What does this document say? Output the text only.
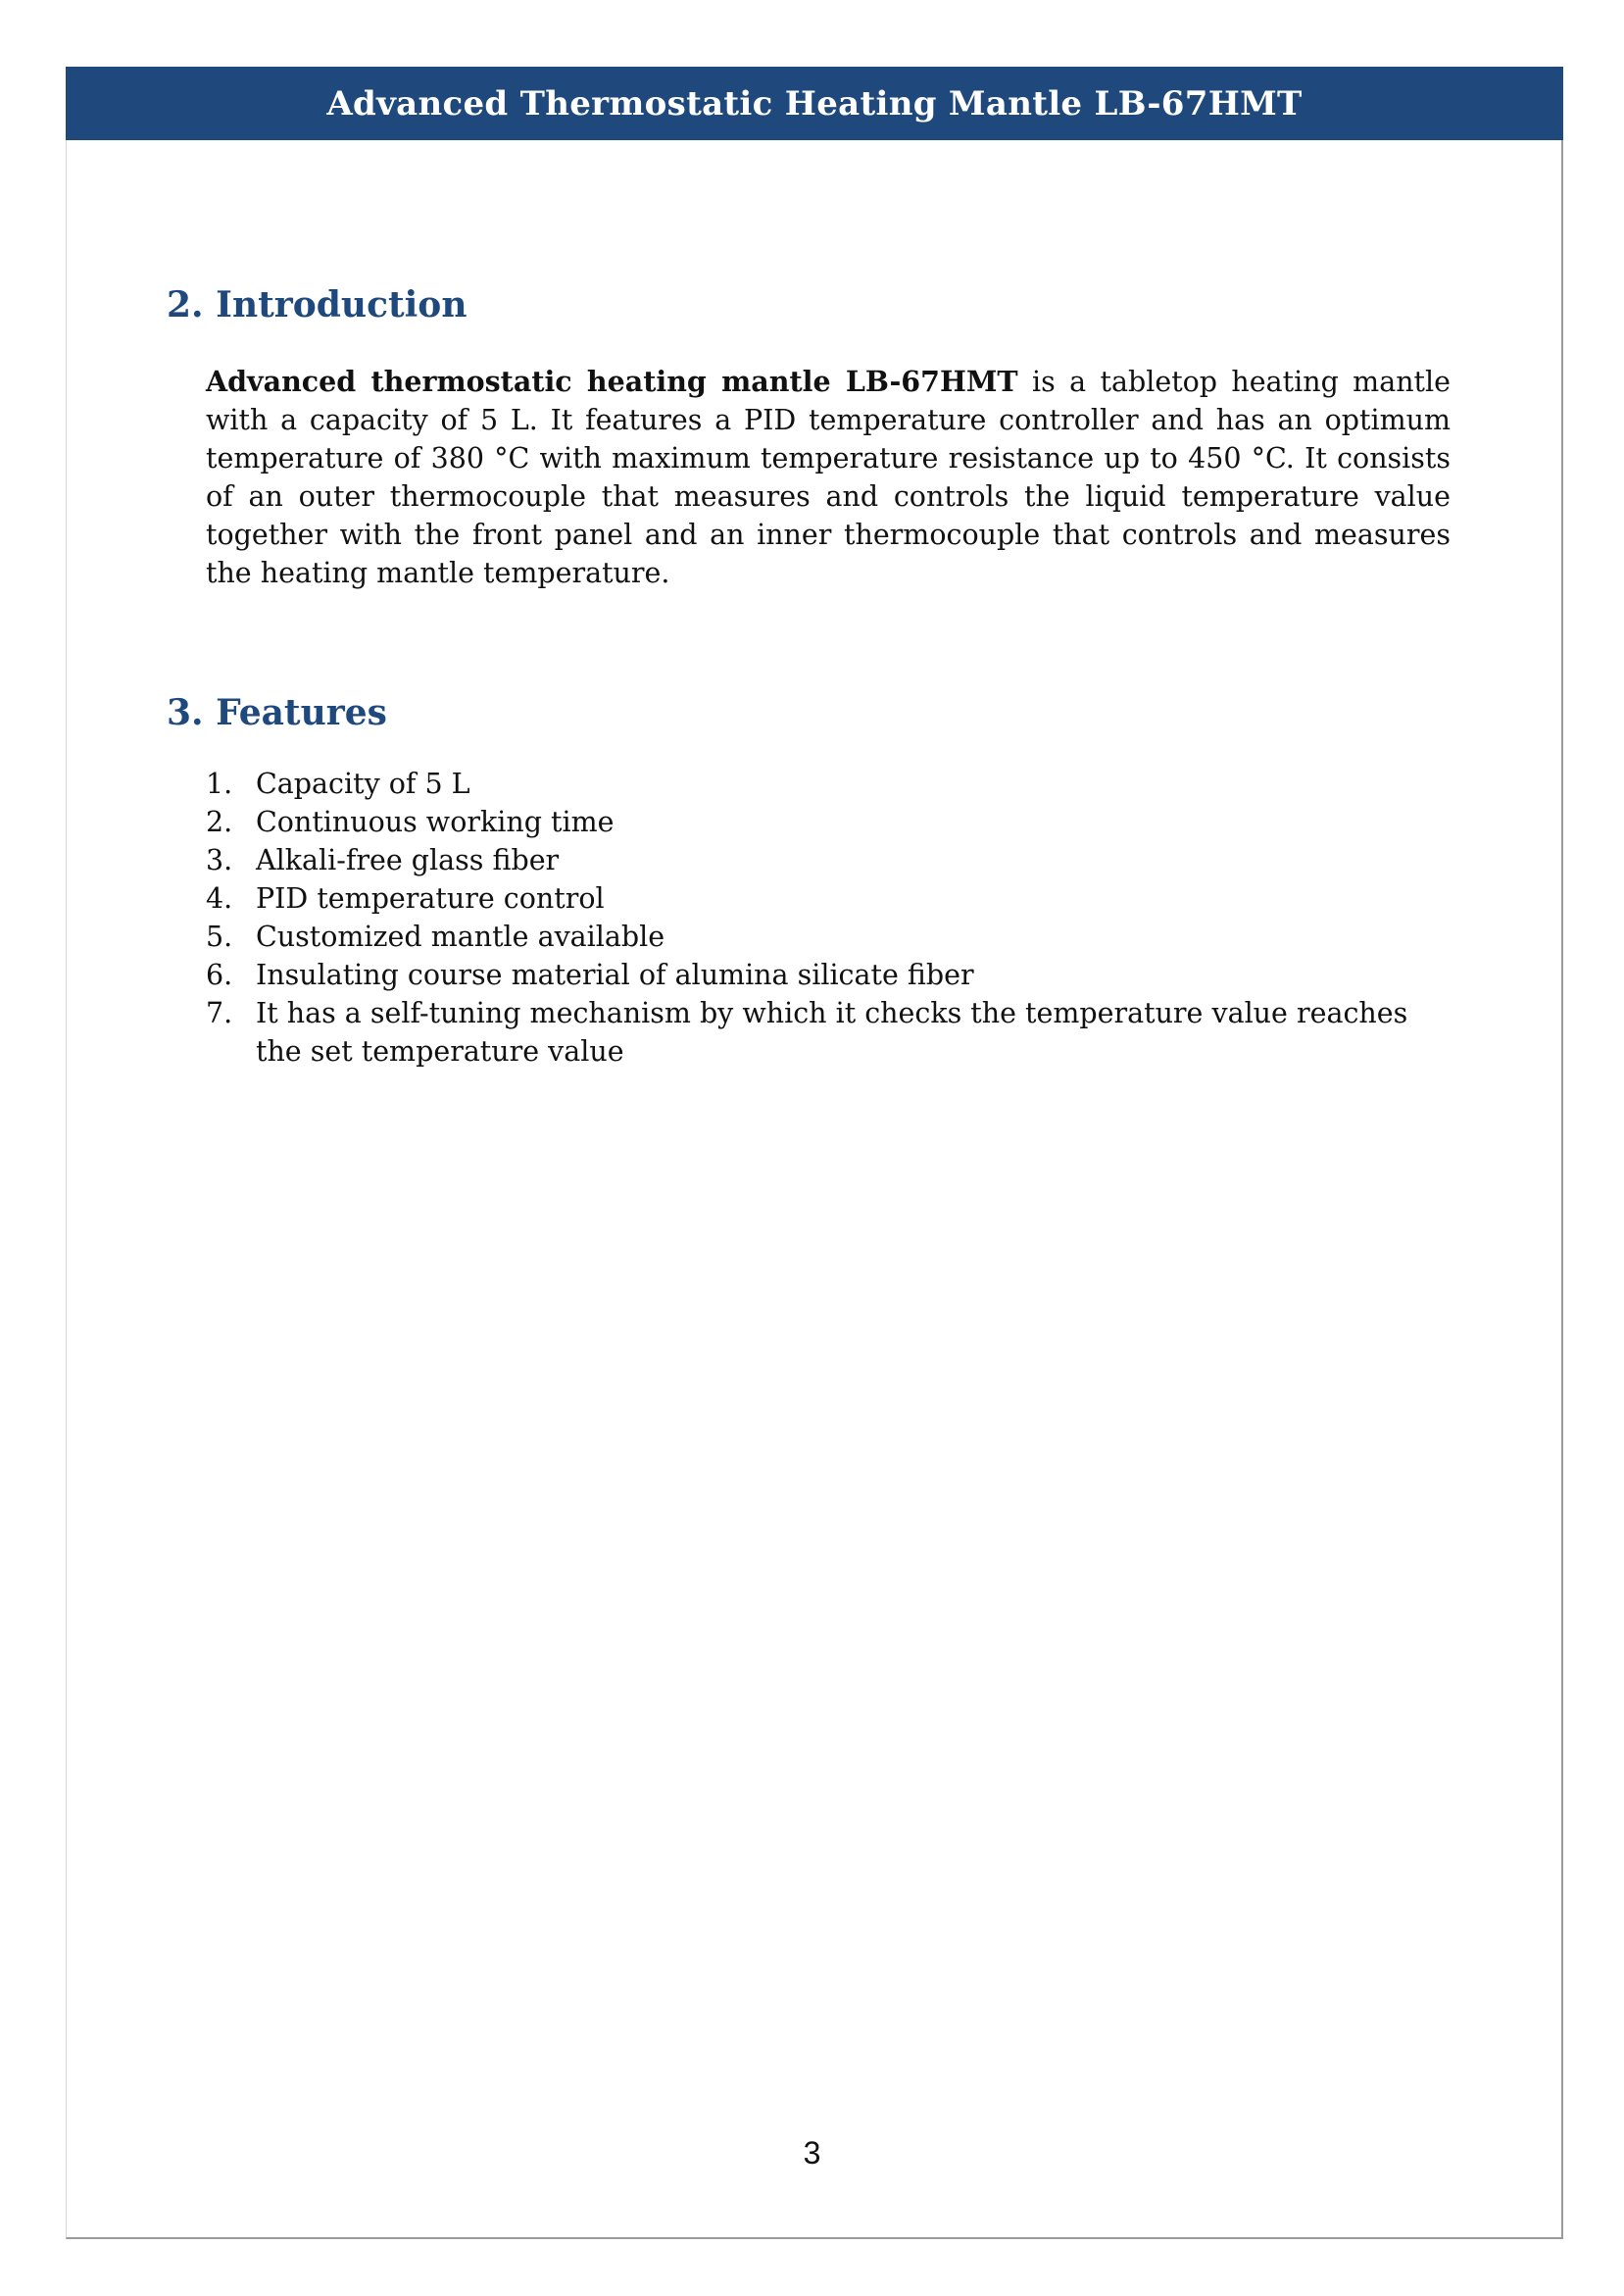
Advanced Thermostatic Heating Mantle LB-67HMT
2. Introduction

Advanced thermostatic heating mantle LB-67HMT is a tabletop heating mantle with a capacity of 5 L. It features a PID temperature controller and has an optimum temperature of 380 °C with maximum temperature resistance up to 450 °C. It consists of an outer thermocouple that measures and controls the liquid temperature value together with the front panel and an inner thermocouple that controls and measures the heating mantle temperature.

3. Features
1. Capacity of 5 L
2. Continuous working time
3. Alkali-free glass fiber
4. PID temperature control
5. Customized mantle available
6. Insulating course material of alumina silicate fiber
7. It has a self-tuning mechanism by which it checks the temperature value reaches the set temperature value
3
